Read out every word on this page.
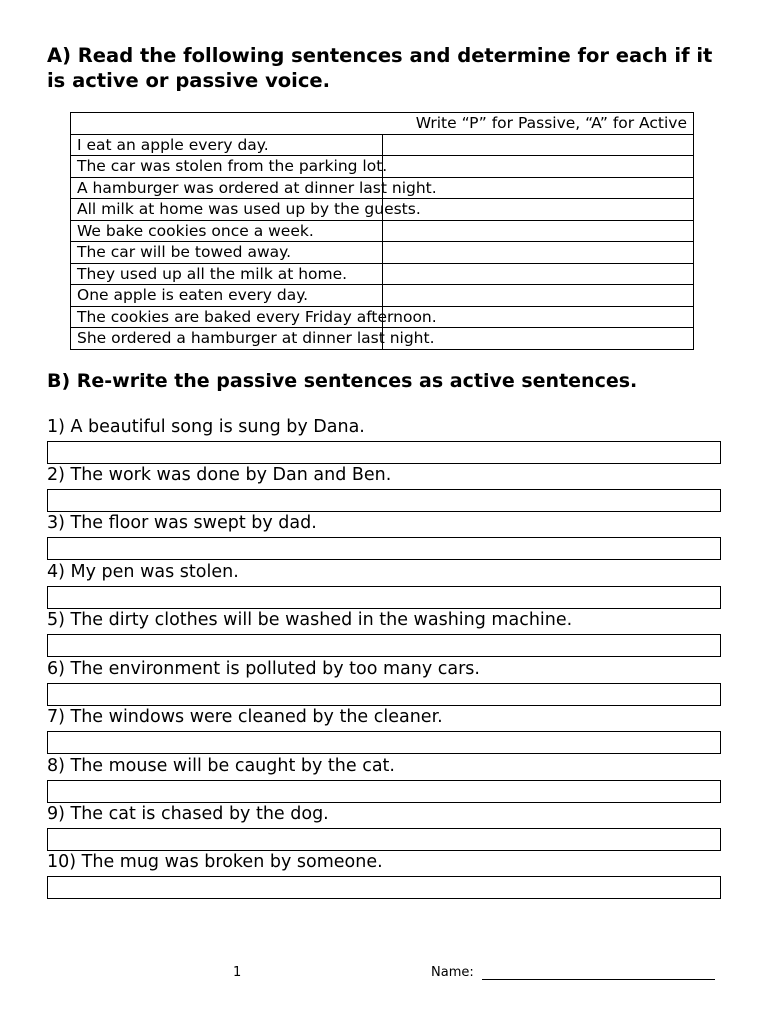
A) Read the following sentences and determine for each if it is active or passive voice.
Write “P” for Passive, “A” for Active	
I eat an apple every day.	
The car was stolen from the parking lot.	
A hamburger was ordered at dinner last night.	
All milk at home was used up by the guests.	
We bake cookies once a week.	
The car will be towed away.	
They used up all the milk at home.	
One apple is eaten every day.	
The cookies are baked every Friday afternoon.	
She ordered a hamburger at dinner last night.	
B) Re-write the passive sentences as active sentences.

1) A beautiful song is sung by Dana.

2) The work was done by Dan and Ben.

3) The floor was swept by dad.

4) My pen was stolen.

5) The dirty clothes will be washed in the washing machine.

6) The environment is polluted by too many cars.

7) The windows were cleaned by the cleaner.

8) The mouse will be caught by the cat.

9) The cat is chased by the dog.

10) The mug was broken by someone.

1	Name:
